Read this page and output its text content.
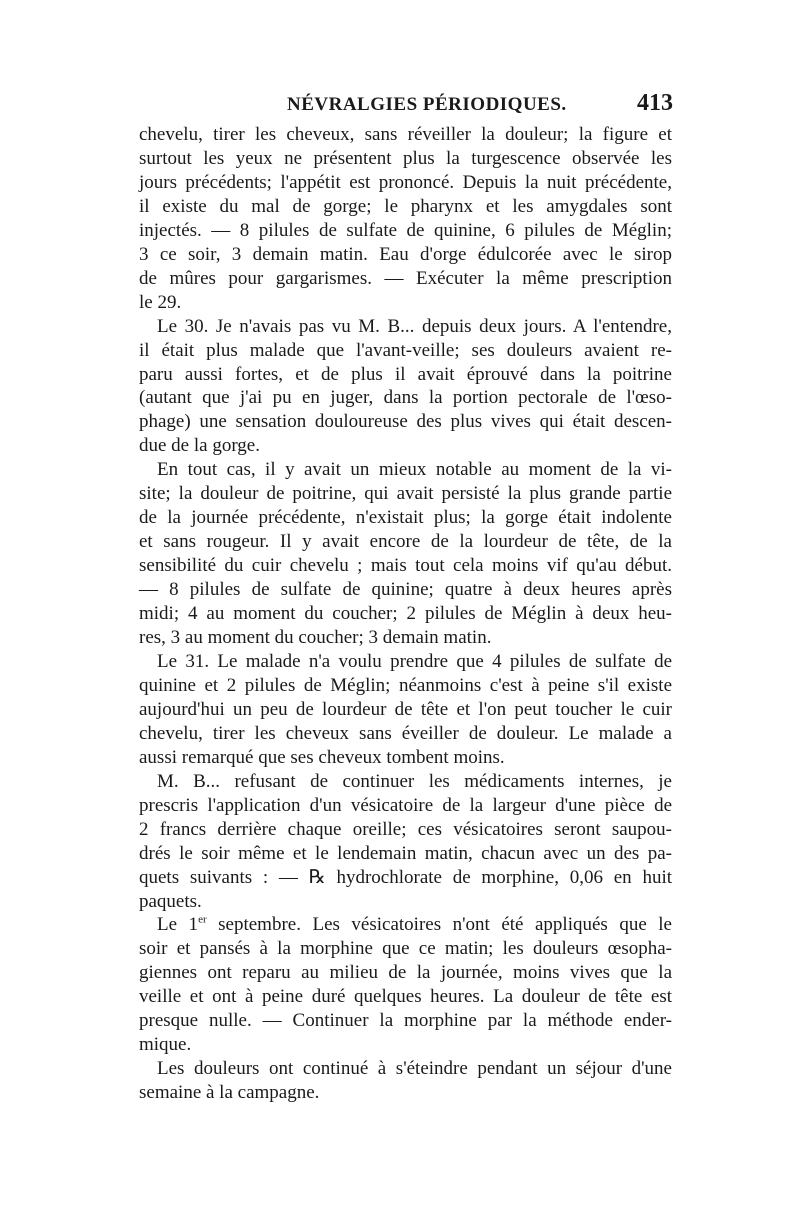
NÉVRALGIES PÉRIODIQUES.	413
chevelu, tirer les cheveux, sans réveiller la douleur; la figure et
surtout les yeux ne présentent plus la turgescence observée les
jours précédents; l'appétit est prononcé. Depuis la nuit précédente,
il existe du mal de gorge; le pharynx et les amygdales sont
injectés. — 8 pilules de sulfate de quinine, 6 pilules de Méglin;
3 ce soir, 3 demain matin. Eau d'orge édulcorée avec le sirop
de mûres pour gargarismes. — Exécuter la même prescription
le 29.
Le 30. Je n'avais pas vu M. B... depuis deux jours. A l'entendre,
il était plus malade que l'avant-veille; ses douleurs avaient re-
paru aussi fortes, et de plus il avait éprouvé dans la poitrine
(autant que j'ai pu en juger, dans la portion pectorale de l'œso-
phage) une sensation douloureuse des plus vives qui était descen-
due de la gorge.
En tout cas, il y avait un mieux notable au moment de la vi-
site; la douleur de poitrine, qui avait persisté la plus grande partie
de la journée précédente, n'existait plus; la gorge était indolente
et sans rougeur. Il y avait encore de la lourdeur de tête, de la
sensibilité du cuir chevelu ; mais tout cela moins vif qu'au début.
— 8 pilules de sulfate de quinine; quatre à deux heures après
midi; 4 au moment du coucher; 2 pilules de Méglin à deux heu-
res, 3 au moment du coucher; 3 demain matin.
Le 31. Le malade n'a voulu prendre que 4 pilules de sulfate de
quinine et 2 pilules de Méglin; néanmoins c'est à peine s'il existe
aujourd'hui un peu de lourdeur de tête et l'on peut toucher le cuir
chevelu, tirer les cheveux sans éveiller de douleur. Le malade a
aussi remarqué que ses cheveux tombent moins.
M. B... refusant de continuer les médicaments internes, je
prescris l'application d'un vésicatoire de la largeur d'une pièce de
2 francs derrière chaque oreille; ces vésicatoires seront saupou-
drés le soir même et le lendemain matin, chacun avec un des pa-
quets suivants : — ℞ hydrochlorate de morphine, 0,06 en huit
paquets.
Le 1er septembre. Les vésicatoires n'ont été appliqués que le
soir et pansés à la morphine que ce matin; les douleurs œsopha-
giennes ont reparu au milieu de la journée, moins vives que la
veille et ont à peine duré quelques heures. La douleur de tête est
presque nulle. — Continuer la morphine par la méthode ender-
mique.
Les douleurs ont continué à s'éteindre pendant un séjour d'une
semaine à la campagne.
